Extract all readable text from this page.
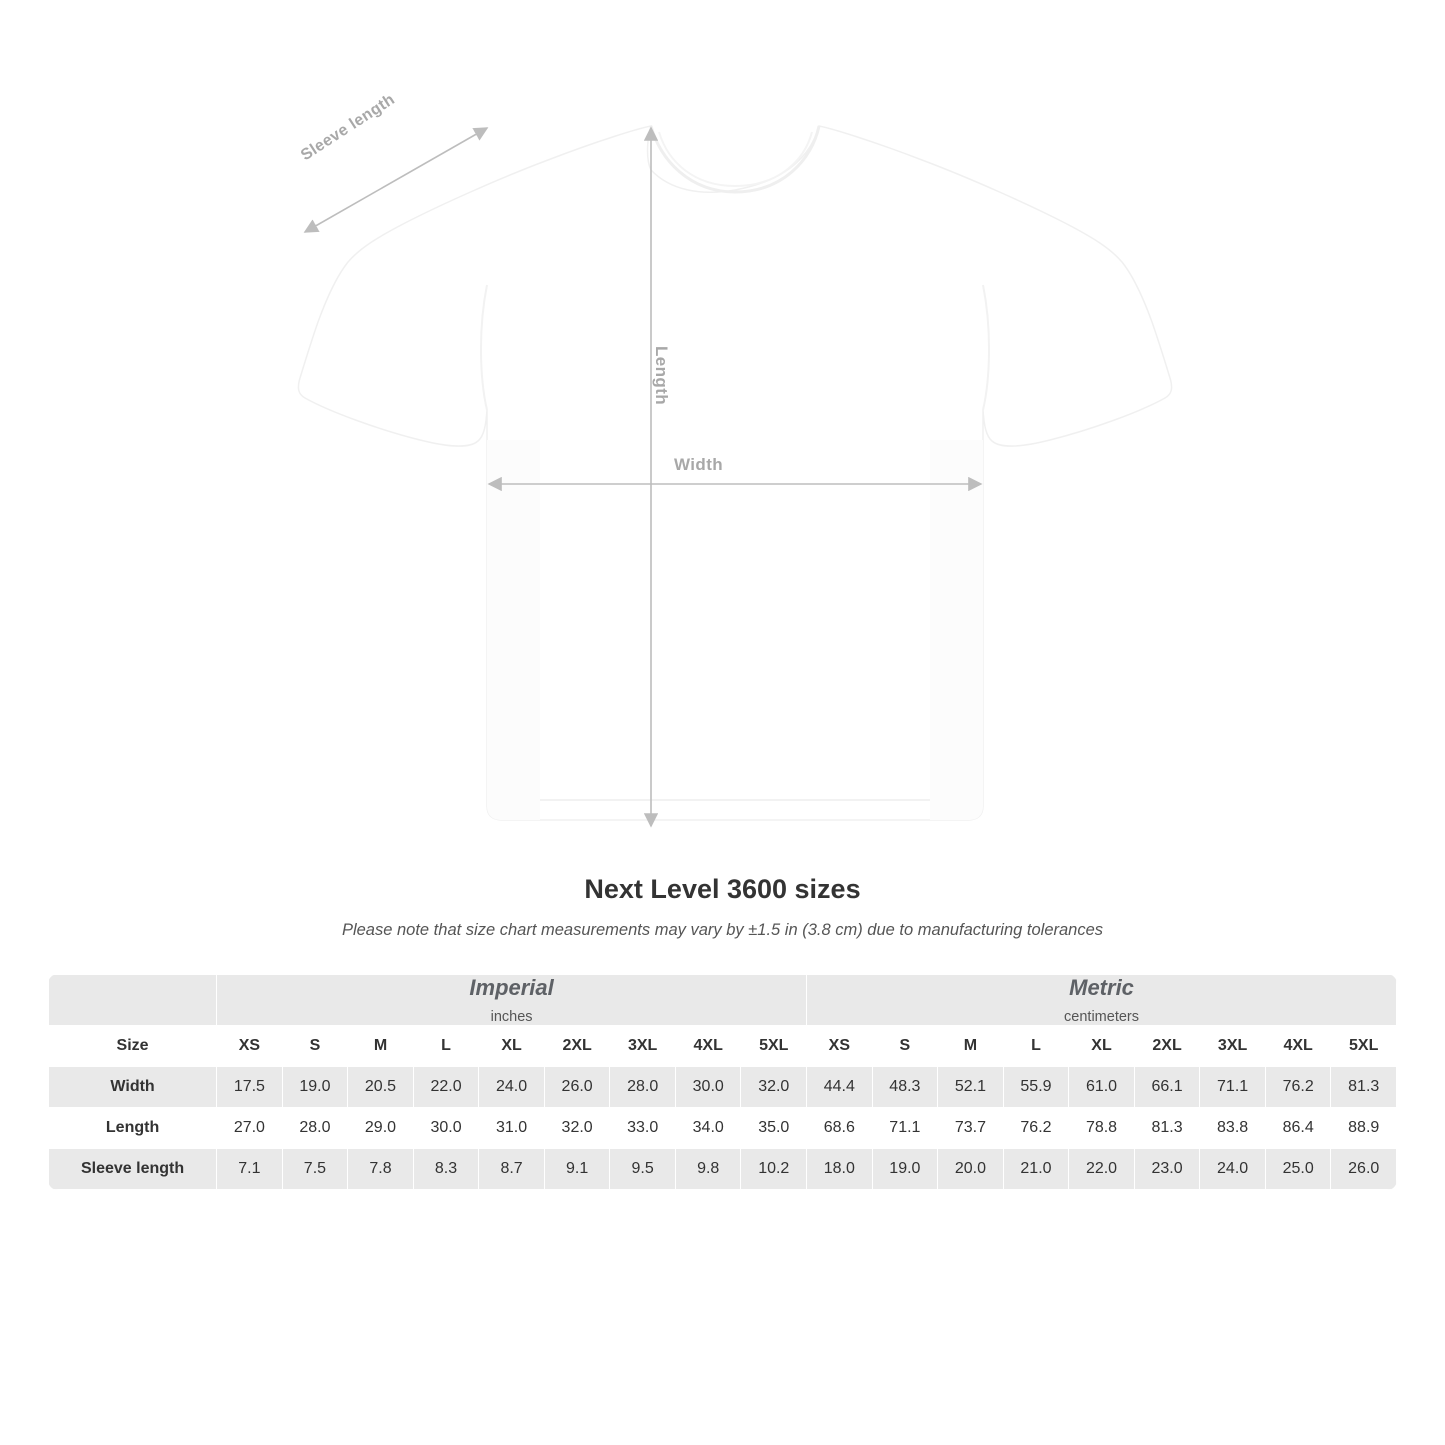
Sleeve length
Length
Width
Next Level 3600 sizes

Please note that size chart measurements may vary by ±1.5 in (3.8 cm) due to manufacturing tolerances

	Imperial
inches									Metric
centimeters								

Size	XS	S	M	L	XL	2XL	3XL	4XL	5XL	XS	S	M	L	XL	2XL	3XL	4XL	5XL
Width	17.5	19.0	20.5	22.0	24.0	26.0	28.0	30.0	32.0	44.4	48.3	52.1	55.9	61.0	66.1	71.1	76.2	81.3
Length	27.0	28.0	29.0	30.0	31.0	32.0	33.0	34.0	35.0	68.6	71.1	73.7	76.2	78.8	81.3	83.8	86.4	88.9
Sleeve length	7.1	7.5	7.8	8.3	8.7	9.1	9.5	9.8	10.2	18.0	19.0	20.0	21.0	22.0	23.0	24.0	25.0	26.0
